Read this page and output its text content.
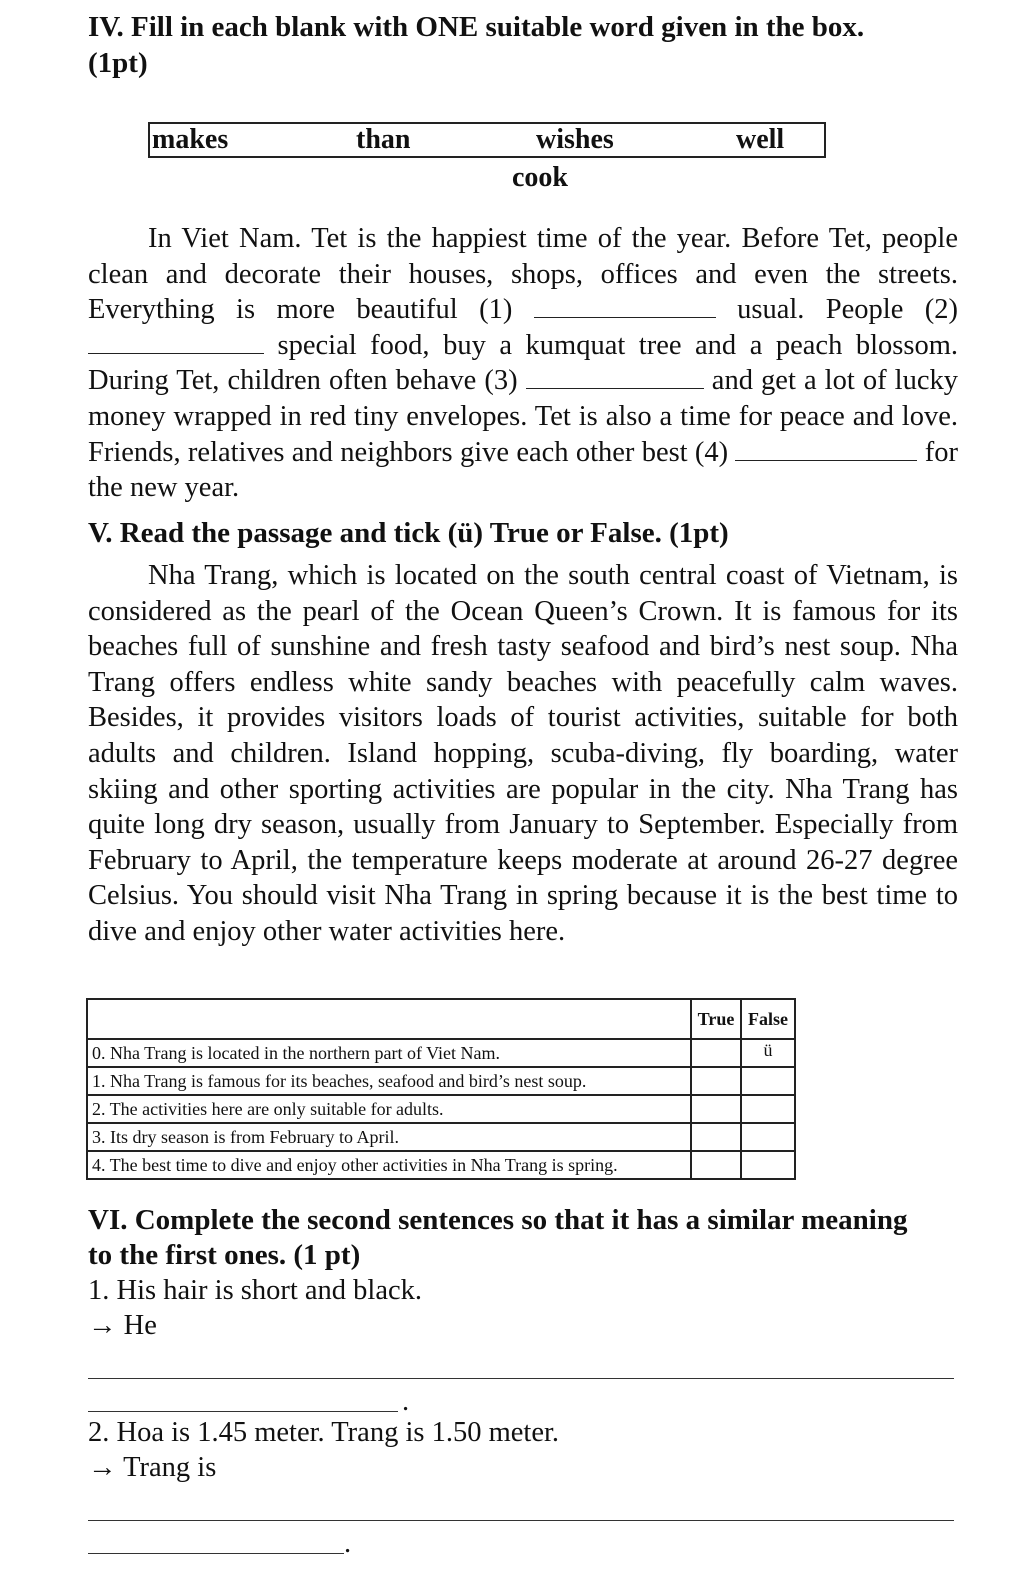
IV. Fill in each blank with ONE suitable word given in the box.
(1pt)
makes	than	wishes	well
cook

In Viet Nam. Tet is the happiest time of the year. Before Tet, people clean and decorate their houses, shops, offices and even the streets. Everything is more beautiful (1)	usual. People (2)  special food, buy a kumquat tree and a peach blossom. During Tet, children often behave (3)	and get a lot of lucky money wrapped in red tiny envelopes. Tet is also a time for peace and love. Friends, relatives and neighbors give each other best (4)	for the new year.

V. Read the passage and tick (ü) True or False. (1pt)

Nha Trang, which is located on the south central coast of Vietnam, is considered as the pearl of the Ocean Queen’s Crown. It is famous for its beaches full of sunshine and fresh tasty seafood and bird’s nest soup. Nha Trang offers endless white sandy beaches with peacefully calm waves. Besides, it provides visitors loads of tourist activities, suitable for both adults and children. Island hopping, scuba-diving, fly boarding, water skiing and other sporting activities are popular in the city. Nha Trang has quite long dry season, usually from January to September. Especially from February to April, the temperature keeps moderate at around 26-27 degree Celsius. You should visit Nha Trang in spring because it is the best time to dive and enjoy other water activities here.

	True	False
0. Nha Trang is located in the northern part of Viet Nam.		ü
1. Nha Trang is famous for its beaches, seafood and bird’s nest soup.		
2. The activities here are only suitable for adults.		
3. Its dry season is from February to April.		
4. The best time to dive and enjoy other activities in Nha Trang is spring.		
VI. Complete the second sentences so that it has a similar meaning
to the first ones. (1 pt)
1. His hair is short and black.
→ He
.
2. Hoa is 1.45 meter. Trang is 1.50 meter.
→ Trang is
.
